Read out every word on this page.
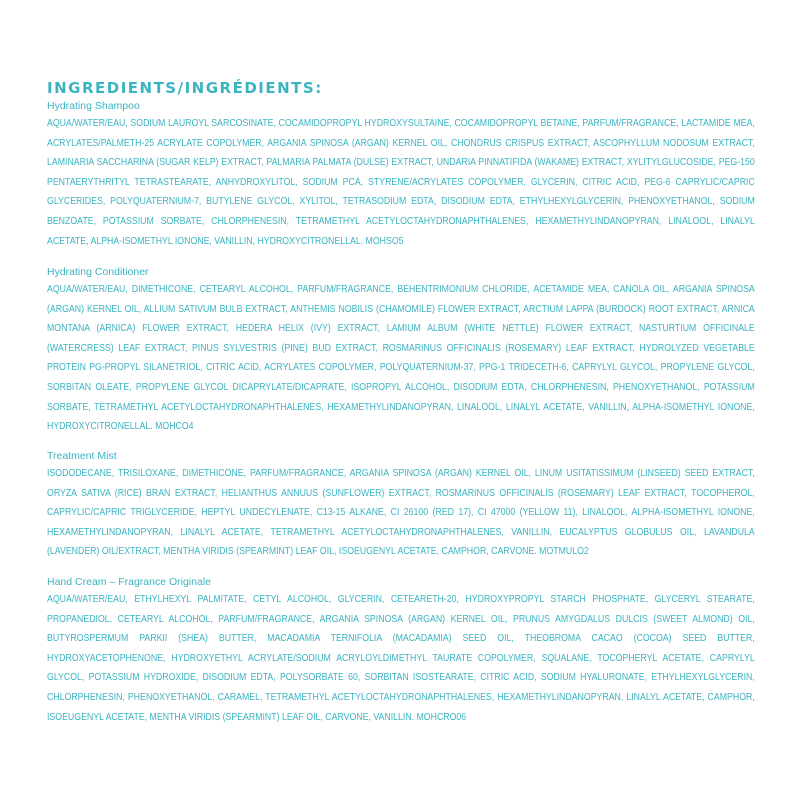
INGREDIENTS/INGRÉDIENTS:
Hydrating Shampoo
AQUA/WATER/EAU, SODIUM LAUROYL SARCOSINATE, COCAMIDOPROPYL HYDROXYSULTAINE, COCAMIDOPROPYL BETAINE, PARFUM/FRAGRANCE, LACTAMIDE MEA, ACRYLATES/PALMETH-25 ACRYLATE COPOLYMER, ARGANIA SPINOSA (ARGAN) KERNEL OIL, CHONDRUS CRISPUS EXTRACT, ASCOPHYLLUM NODOSUM EXTRACT, LAMINARIA SACCHARINA (SUGAR KELP) EXTRACT, PALMARIA PALMATA (DULSE) EXTRACT, UNDARIA PINNATIFIDA (WAKAME) EXTRACT, XYLITYLGLUCOSIDE, PEG-150 PENTAERYTHRITYL TETRASTEARATE, ANHYDROXYLITOL, SODIUM PCA, STYRENE/ACRYLATES COPOLYMER, GLYCERIN, CITRIC ACID, PEG-6 CAPRYLIC/CAPRIC GLYCERIDES, POLYQUATERNIUM-7, BUTYLENE GLYCOL, XYLITOL, TETRASODIUM EDTA, DISODIUM EDTA, ETHYLHEXYLGLYCERIN, PHENOXYETHANOL, SODIUM BENZOATE, POTASSIUM SORBATE, CHLORPHENESIN, TETRAMETHYL ACETYLOCTAHYDRONAPHTHALENES, HEXAMETHYLINDANOPYRAN, LINALOOL, LINALYL ACETATE, ALPHA-ISOMETHYL IONONE, VANILLIN, HYDROXYCITRONELLAL. MOHSO5
Hydrating Conditioner
AQUA/WATER/EAU, DIMETHICONE, CETEARYL ALCOHOL, PARFUM/FRAGRANCE, BEHENTRIMONIUM CHLORIDE, ACETAMIDE MEA, CANOLA OIL, ARGANIA SPINOSA (ARGAN) KERNEL OIL, ALLIUM SATIVUM BULB EXTRACT, ANTHEMIS NOBILIS (CHAMOMILE) FLOWER EXTRACT, ARCTIUM LAPPA (BURDOCK) ROOT EXTRACT, ARNICA MONTANA (ARNICA) FLOWER EXTRACT, HEDERA HELIX (IVY) EXTRACT, LAMIUM ALBUM (WHITE NETTLE) FLOWER EXTRACT, NASTURTIUM OFFICINALE (WATERCRESS) LEAF EXTRACT, PINUS SYLVESTRIS (PINE) BUD EXTRACT, ROSMARINUS OFFICINALIS (ROSEMARY) LEAF EXTRACT, HYDROLYZED VEGETABLE PROTEIN PG-PROPYL SILANETRIOL, CITRIC ACID, ACRYLATES COPOLYMER, POLYQUATERNIUM-37, PPG-1 TRIDECETH-6, CAPRYLYL GLYCOL, PROPYLENE GLYCOL, SORBITAN OLEATE, PROPYLENE GLYCOL DICAPRYLATE/DICAPRATE, ISOPROPYL ALCOHOL, DISODIUM EDTA, CHLORPHENESIN, PHENOXYETHANOL, POTASSIUM SORBATE, TETRAMETHYL ACETYLOCTAHYDRONAPHTHALENES, HEXAMETHYLINDANOPYRAN, LINALOOL, LINALYL ACETATE, VANILLIN, ALPHA-ISOMETHYL IONONE, HYDROXYCITRONELLAL. MOHCO4
Treatment Mist
ISODODECANE, TRISILOXANE, DIMETHICONE, PARFUM/FRAGRANCE, ARGANIA SPINOSA (ARGAN) KERNEL OIL, LINUM USITATISSIMUM (LINSEED) SEED EXTRACT, ORYZA SATIVA (RICE) BRAN EXTRACT, HELIANTHUS ANNUUS (SUNFLOWER) EXTRACT, ROSMARINUS OFFICINALIS (ROSEMARY) LEAF EXTRACT, TOCOPHEROL, CAPRYLIC/CAPRIC TRIGLYCERIDE, HEPTYL UNDECYLENATE, C13-15 ALKANE, CI 26100 (RED 17), CI 47000 (YELLOW 11), LINALOOL, ALPHA-ISOMETHYL IONONE, HEXAMETHYLINDANOPYRAN, LINALYL ACETATE, TETRAMETHYL ACETYLOCTAHYDRONAPHTHALENES, VANILLIN, EUCALYPTUS GLOBULUS OIL, LAVANDULA (LAVENDER) OIL/EXTRACT, MENTHA VIRIDIS (SPEARMINT) LEAF OIL, ISOEUGENYL ACETATE, CAMPHOR, CARVONE. MOTMULO2
Hand Cream – Fragrance Originale
AQUA/WATER/EAU, ETHYLHEXYL PALMITATE, CETYL ALCOHOL, GLYCERIN, CETEARETH-20, HYDROXYPROPYL STARCH PHOSPHATE, GLYCERYL STEARATE, PROPANEDIOL, CETEARYL ALCOHOL, PARFUM/FRAGRANCE, ARGANIA SPINOSA (ARGAN) KERNEL OIL, PRUNUS AMYGDALUS DULCIS (SWEET ALMOND) OIL, BUTYROSPERMUM PARKII (SHEA) BUTTER, MACADAMIA TERNIFOLIA (MACADAMIA) SEED OIL, THEOBROMA CACAO (COCOA) SEED BUTTER, HYDROXYACETOPHENONE, HYDROXYETHYL ACRYLATE/SODIUM ACRYLOYLDIMETHYL TAURATE COPOLYMER, SQUALANE, TOCOPHERYL ACETATE, CAPRYLYL GLYCOL, POTASSIUM HYDROXIDE, DISODIUM EDTA, POLYSORBATE 60, SORBITAN ISOSTEARATE, CITRIC ACID, SODIUM HYALURONATE, ETHYLHEXYLGLYCERIN, CHLORPHENESIN, PHENOXYETHANOL, CARAMEL, TETRAMETHYL ACETYLOCTAHYDRONAPHTHALENES, HEXAMETHYLINDANOPYRAN, LINALYL ACETATE, CAMPHOR, ISOEUGENYL ACETATE, MENTHA VIRIDIS (SPEARMINT) LEAF OIL, CARVONE, VANILLIN. MOHCRO06
